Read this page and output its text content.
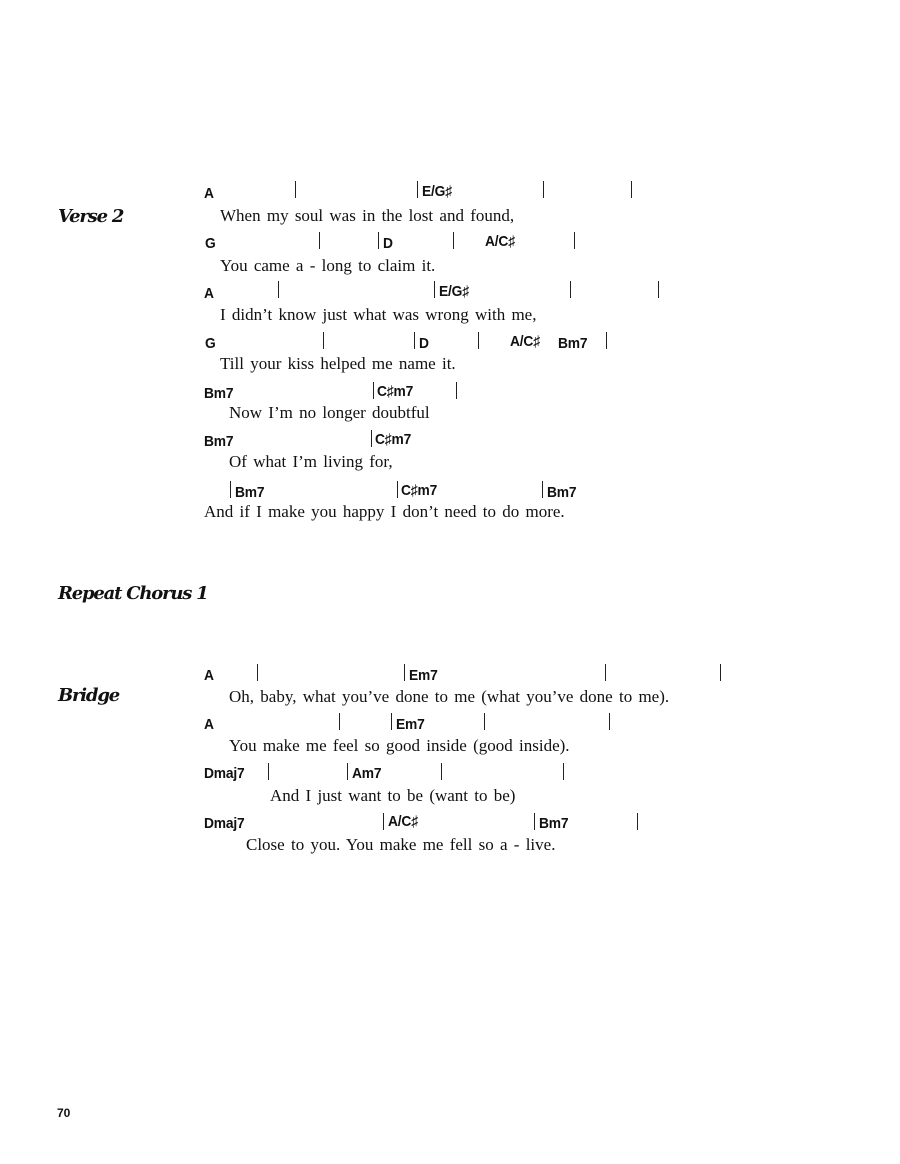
Verse 2
Repeat Chorus 1
Bridge
A	E/G♯
When my soul was in the lost and found,
G	D	A/C♯
You came a - long to claim it.
A	E/G♯
I didn’t know just what was wrong with me,
G	D	A/C♯ Bm7
Till your kiss helped me name it.
Bm7	C♯m7
Now I’m no longer doubtful
Bm7	C♯m7
Of what I’m living for,
Bm7	C♯m7	Bm7
And if I make you happy I don’t need to do more.
A	Em7
Oh, baby, what you’ve done to me (what you’ve done to me).
A	Em7
You make me feel so good inside (good inside).
Dmaj7	Am7
And I just want to be (want to be)
Dmaj7	A/C♯	Bm7
Close to you. You make me fell so a - live.
70
